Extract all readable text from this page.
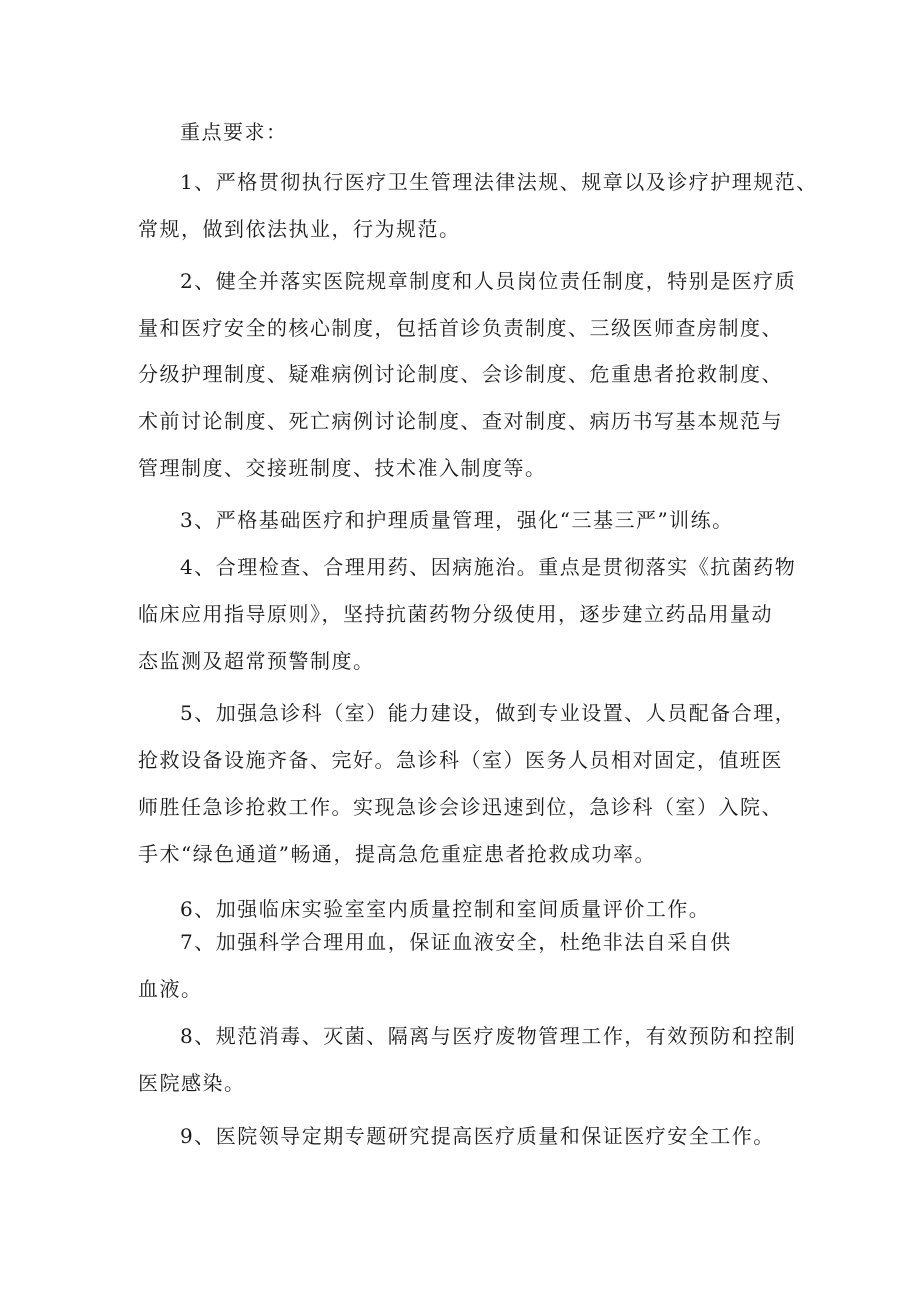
重点要求：
1、严格贯彻执行医疗卫生管理法律法规、规章以及诊疗护理规范、
常规，做到依法执业，行为规范。
2、健全并落实医院规章制度和人员岗位责任制度，特别是医疗质
量和医疗安全的核心制度，包括首诊负责制度、三级医师查房制度、
分级护理制度、疑难病例讨论制度、会诊制度、危重患者抢救制度、
术前讨论制度、死亡病例讨论制度、查对制度、病历书写基本规范与
管理制度、交接班制度、技术准入制度等。
3、严格基础医疗和护理质量管理，强化“三基三严”训练。
4、合理检查、合理用药、因病施治。重点是贯彻落实《抗菌药物
临床应用指导原则》，坚持抗菌药物分级使用，逐步建立药品用量动
态监测及超常预警制度。
5、加强急诊科（室）能力建设，做到专业设置、人员配备合理，
抢救设备设施齐备、完好。急诊科（室）医务人员相对固定，值班医
师胜任急诊抢救工作。实现急诊会诊迅速到位，急诊科（室）入院、
手术“绿色通道”畅通，提高急危重症患者抢救成功率。
6、加强临床实验室室内质量控制和室间质量评价工作。
7、加强科学合理用血，保证血液安全，杜绝非法自采自供
血液。
8、规范消毒、灭菌、隔离与医疗废物管理工作，有效预防和控制
医院感染。
9、医院领导定期专题研究提高医疗质量和保证医疗安全工作。
